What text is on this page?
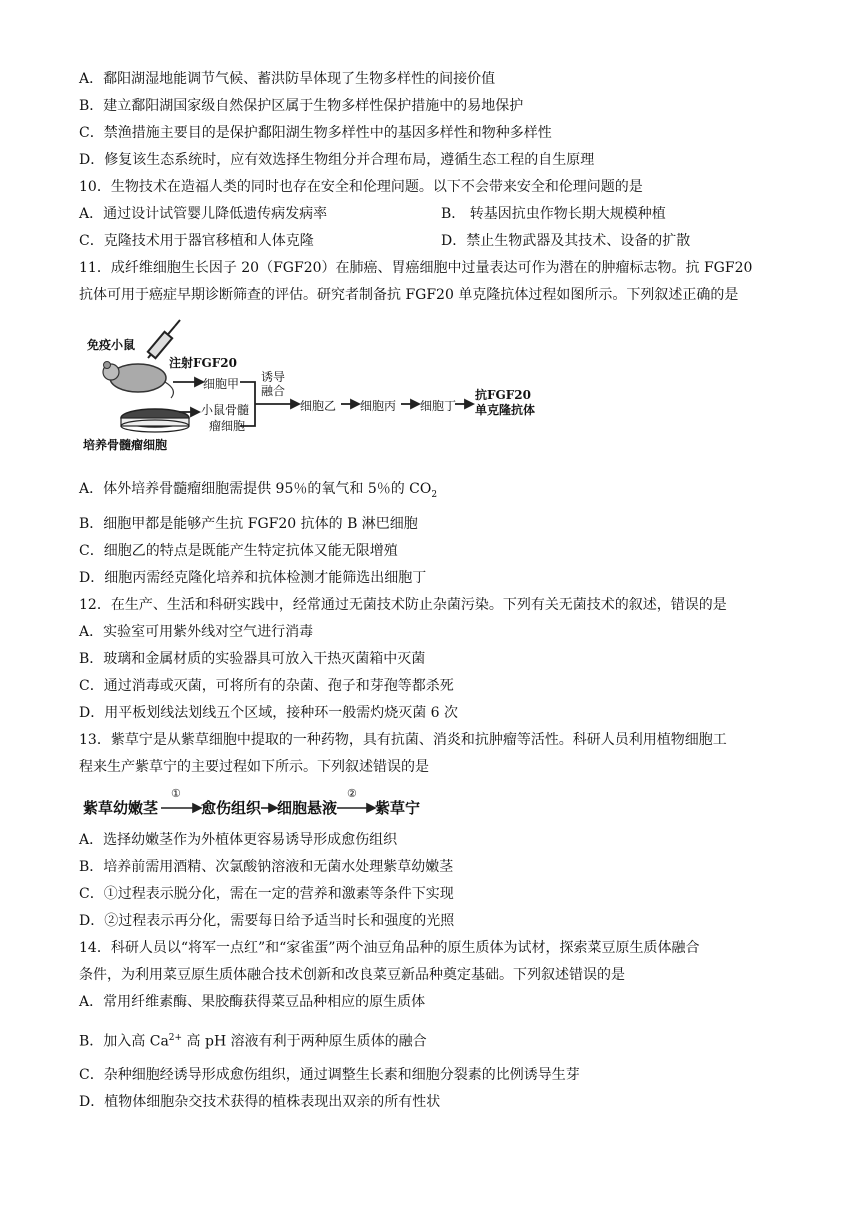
A．鄱阳湖湿地能调节气候、蓄洪防旱体现了生物多样性的间接价值
B．建立鄱阳湖国家级自然保护区属于生物多样性保护措施中的易地保护
C．禁渔措施主要目的是保护鄱阳湖生物多样性中的基因多样性和物种多样性
D．修复该生态系统时，应有效选择生物组分并合理布局，遵循生态工程的自生原理
10．生物技术在造福人类的同时也存在安全和伦理问题。以下不会带来安全和伦理问题的是
A．通过设计试管婴儿降低遗传病发病率	B． 转基因抗虫作物长期大规模种植
C．克隆技术用于器官移植和人体克隆	D．禁止生物武器及其技术、设备的扩散
11．成纤维细胞生长因子 20（FGF20）在肺癌、胃癌细胞中过量表达可作为潜在的肿瘤标志物。抗 FGF20
抗体可用于癌症早期诊断筛查的评估。研究者制备抗 FGF20 单克隆抗体过程如图所示。下列叙述正确的是
免疫小鼠
注射FGF20
细胞甲 诱导
融合
小鼠骨髓
瘤细胞
培养骨髓瘤细胞
细胞乙 细胞丙 细胞丁
抗FGF20
单克隆抗体
A．体外培养骨髓瘤细胞需提供 95％的氧气和 5％的 $CO_2$
B．细胞甲都是能够产生抗 FGF20 抗体的 B 淋巴细胞
C．细胞乙的特点是既能产生特定抗体又能无限增殖
D．细胞丙需经克隆化培养和抗体检测才能筛选出细胞丁
12．在生产、生活和科研实践中，经常通过无菌技术防止杂菌污染。下列有关无菌技术的叙述，错误的是
A．实验室可用紫外线对空气进行消毒
B．玻璃和金属材质的实验器具可放入干热灭菌箱中灭菌
C．通过消毒或灭菌，可将所有的杂菌、孢子和芽孢等都杀死
D．用平板划线法划线五个区域，接种环一般需灼烧灭菌 6 次
13．紫草宁是从紫草细胞中提取的一种药物，具有抗菌、消炎和抗肿瘤等活性。科研人员利用植物细胞工
程来生产紫草宁的主要过程如下所示。下列叙述错误的是
紫草幼嫩茎
①
愈伤组织 细胞悬液
②
紫草宁
A．选择幼嫩茎作为外植体更容易诱导形成愈伤组织
B．培养前需用酒精、次氯酸钠溶液和无菌水处理紫草幼嫩茎
C．①过程表示脱分化，需在一定的营养和激素等条件下实现
D．②过程表示再分化，需要每日给予适当时长和强度的光照
14．科研人员以“将军一点红”和“家雀蛋”两个油豆角品种的原生质体为试材，探索菜豆原生质体融合
条件，为利用菜豆原生质体融合技术创新和改良菜豆新品种奠定基础。下列叙述错误的是
A．常用纤维素酶、果胶酶获得菜豆品种相应的原生质体
B．加入高 $Ca^{2+}$ 高 pH 溶液有利于两种原生质体的融合
C．杂种细胞经诱导形成愈伤组织，通过调整生长素和细胞分裂素的比例诱导生芽
D．植物体细胞杂交技术获得的植株表现出双亲的所有性状
